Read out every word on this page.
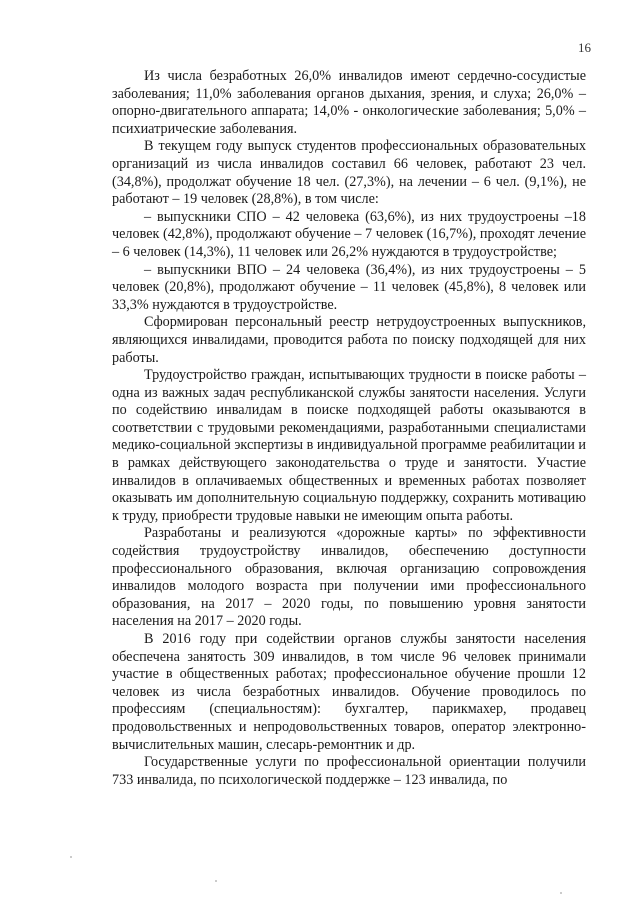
16

Из числа безработных 26,0% инвалидов имеют сердечно-сосудистые заболевания; 11,0% заболевания органов дыхания, зрения, и слуха; 26,0% – опорно-двигательного аппарата; 14,0% - онкологические заболевания; 5,0% – психиатрические заболевания.

В текущем году выпуск студентов профессиональных образовательных организаций из числа инвалидов составил 66 человек, работают 23 чел. (34,8%), продолжат обучение 18 чел. (27,3%), на лечении – 6 чел. (9,1%), не работают – 19 человек (28,8%), в том числе:

– выпускники СПО – 42 человека (63,6%), из них трудоустроены –18 человек (42,8%), продолжают обучение – 7 человек (16,7%), проходят лечение – 6 человек (14,3%), 11 человек или 26,2% нуждаются в трудоустройстве;

– выпускники ВПО – 24 человека (36,4%), из них трудоустроены – 5 человек (20,8%), продолжают обучение – 11 человек (45,8%), 8 человек или 33,3% нуждаются в трудоустройстве.

Сформирован персональный реестр нетрудоустроенных выпускников, являющихся инвалидами, проводится работа по поиску подходящей для них работы.

Трудоустройство граждан, испытывающих трудности в поиске работы – одна из важных задач республиканской службы занятости населения. Услуги по содействию инвалидам в поиске подходящей работы оказываются в соответствии с трудовыми рекомендациями, разработанными специалистами медико-социальной экспертизы в индивидуальной программе реабилитации и в рамках действующего законодательства о труде и занятости. Участие инвалидов в оплачиваемых общественных и временных работах позволяет оказывать им дополнительную социальную поддержку, сохранить мотивацию к труду, приобрести трудовые навыки не имеющим опыта работы.

Разработаны и реализуются «дорожные карты» по эффективности содействия трудоустройству инвалидов, обеспечению доступности профессионального образования, включая организацию сопровождения инвалидов молодого возраста при получении ими профессионального образования, на 2017 – 2020 годы, по повышению уровня занятости населения на 2017 – 2020 годы.

В 2016 году при содействии органов службы занятости населения обеспечена занятость 309 инвалидов, в том числе 96 человек принимали участие в общественных работах; профессиональное обучение прошли 12 человек из числа безработных инвалидов. Обучение проводилось по профессиям (специальностям): бухгалтер, парикмахер, продавец продовольственных и непродовольственных товаров, оператор электронно-вычислительных машин, слесарь-ремонтник и др.

Государственные услуги по профессиональной ориентации получили 733 инвалида, по психологической поддержке – 123 инвалида, по
